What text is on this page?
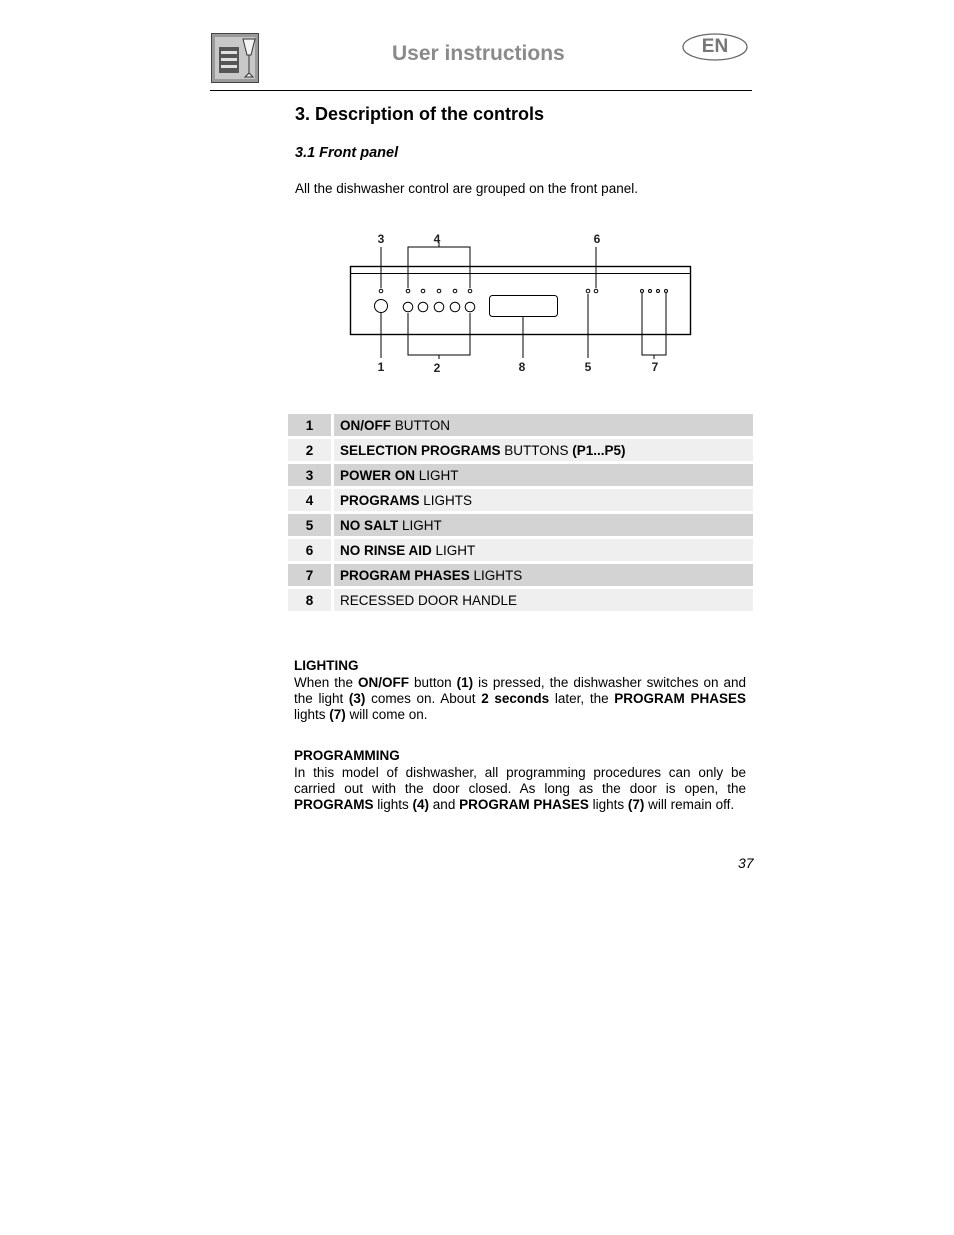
User instructions	EN
3. Description of the controls
3.1 Front panel
All the dishwasher control are grouped on the front panel.
3	4	6
1	2	8	5	7
1		ON/OFF BUTTON
2		SELECTION PROGRAMS BUTTONS (P1...P5)
3		POWER ON LIGHT
4		PROGRAMS LIGHTS
5		NO SALT LIGHT
6		NO RINSE AID LIGHT
7		PROGRAM PHASES LIGHTS
8		RECESSED DOOR HANDLE
LIGHTING
When the ON/OFF button (1) is pressed, the dishwasher switches on and the light (3) comes on. About 2 seconds later, the PROGRAM PHASES lights (7) will come on.
PROGRAMMING
In this model of dishwasher, all programming procedures can only be carried out with the door closed. As long as the door is open, the PROGRAMS lights (4) and PROGRAM PHASES lights (7) will remain off.
37
